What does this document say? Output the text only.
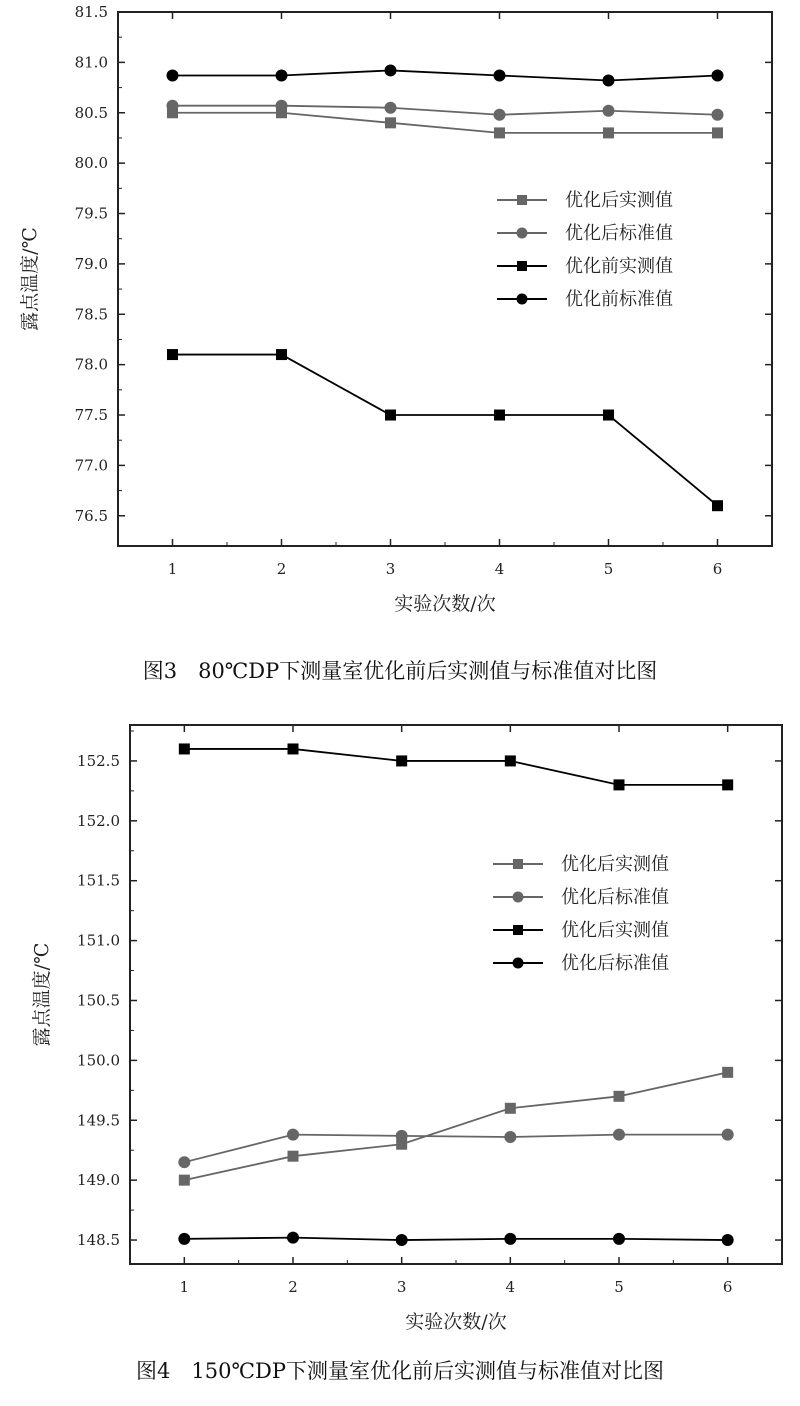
76.5
77.0
77.5
78.0
78.5
79.0
79.5
80.0
80.5
81.0
81.5
1	2	3	4	5	6
实验次数/次
露点温度/℃
优化后实测值
优化后标准值
优化前实测值
优化前标准值
图3　80℃DP下测量室优化前后实测值与标准值对比图
148.5
149.0
149.5
150.0
150.5
151.0
151.5
152.0
152.5
1	2	3	4	5	6
实验次数/次
露点温度/℃
优化后实测值
优化后标准值
优化后实测值
优化后标准值
图4　150℃DP下测量室优化前后实测值与标准值对比图
